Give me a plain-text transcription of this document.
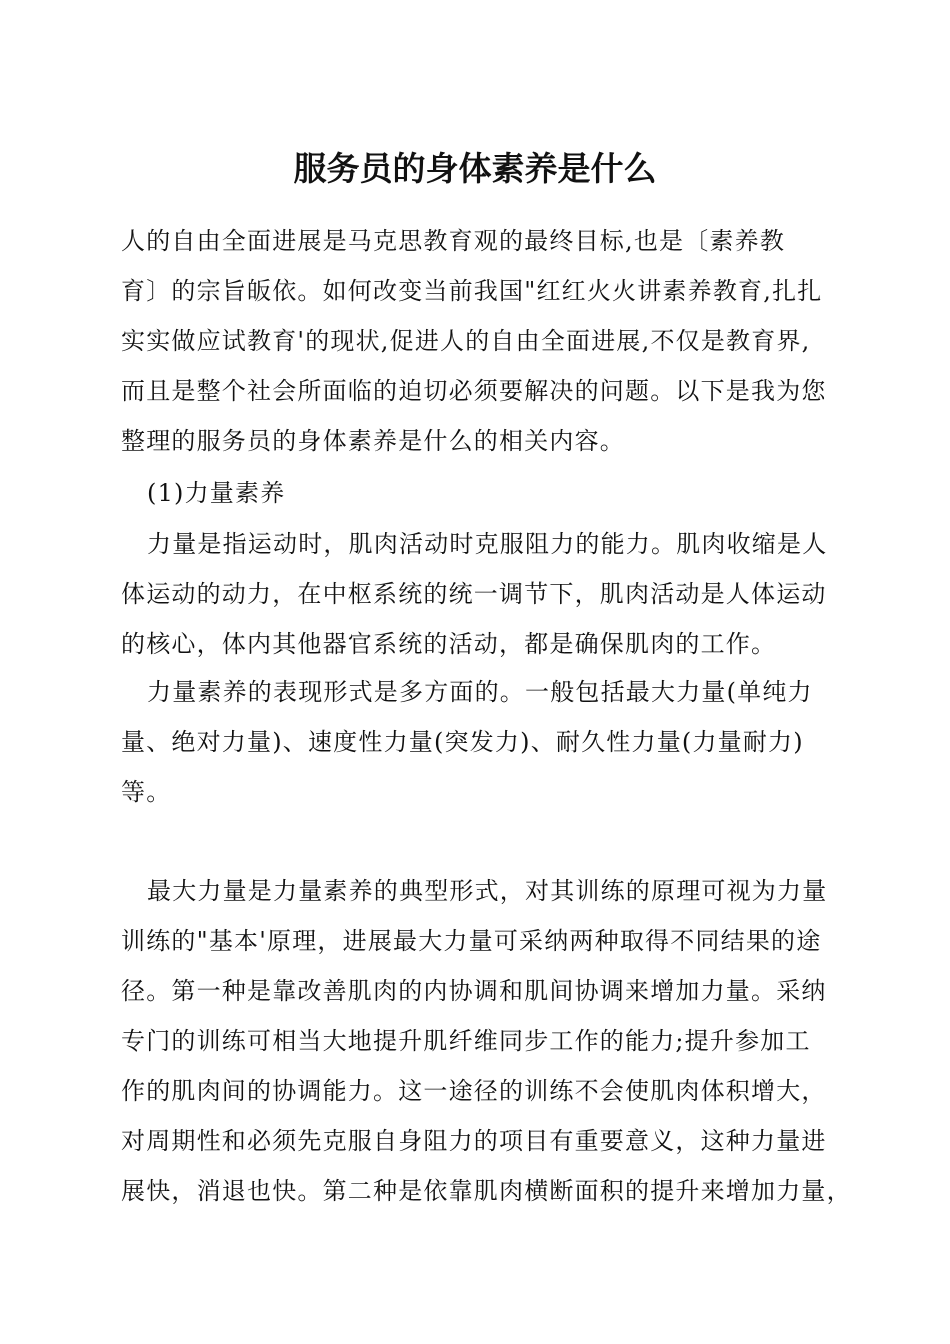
服务员的身体素养是什么
人的自由全面进展是马克思教育观的最终目标,也是〔素养教
育〕的宗旨皈依。如何改变当前我国"红红火火讲素养教育,扎扎
实实做应试教育'的现状,促进人的自由全面进展,不仅是教育界,
而且是整个社会所面临的迫切必须要解决的问题。以下是我为您
整理的服务员的身体素养是什么的相关内容。
(1)力量素养
力量是指运动时，肌肉活动时克服阻力的能力。肌肉收缩是人
体运动的动力，在中枢系统的统一调节下，肌肉活动是人体运动
的核心，体内其他器官系统的活动，都是确保肌肉的工作。
力量素养的表现形式是多方面的。一般包括最大力量(单纯力
量、绝对力量)、速度性力量(突发力)、耐久性力量(力量耐力)
等。
最大力量是力量素养的典型形式，对其训练的原理可视为力量
训练的"基本'原理，进展最大力量可采纳两种取得不同结果的途
径。第一种是靠改善肌肉的内协调和肌间协调来增加力量。采纳
专门的训练可相当大地提升肌纤维同步工作的能力;提升参加工
作的肌肉间的协调能力。这一途径的训练不会使肌肉体积增大，
对周期性和必须先克服自身阻力的项目有重要意义，这种力量进
展快，消退也快。第二种是依靠肌肉横断面积的提升来增加力量，
